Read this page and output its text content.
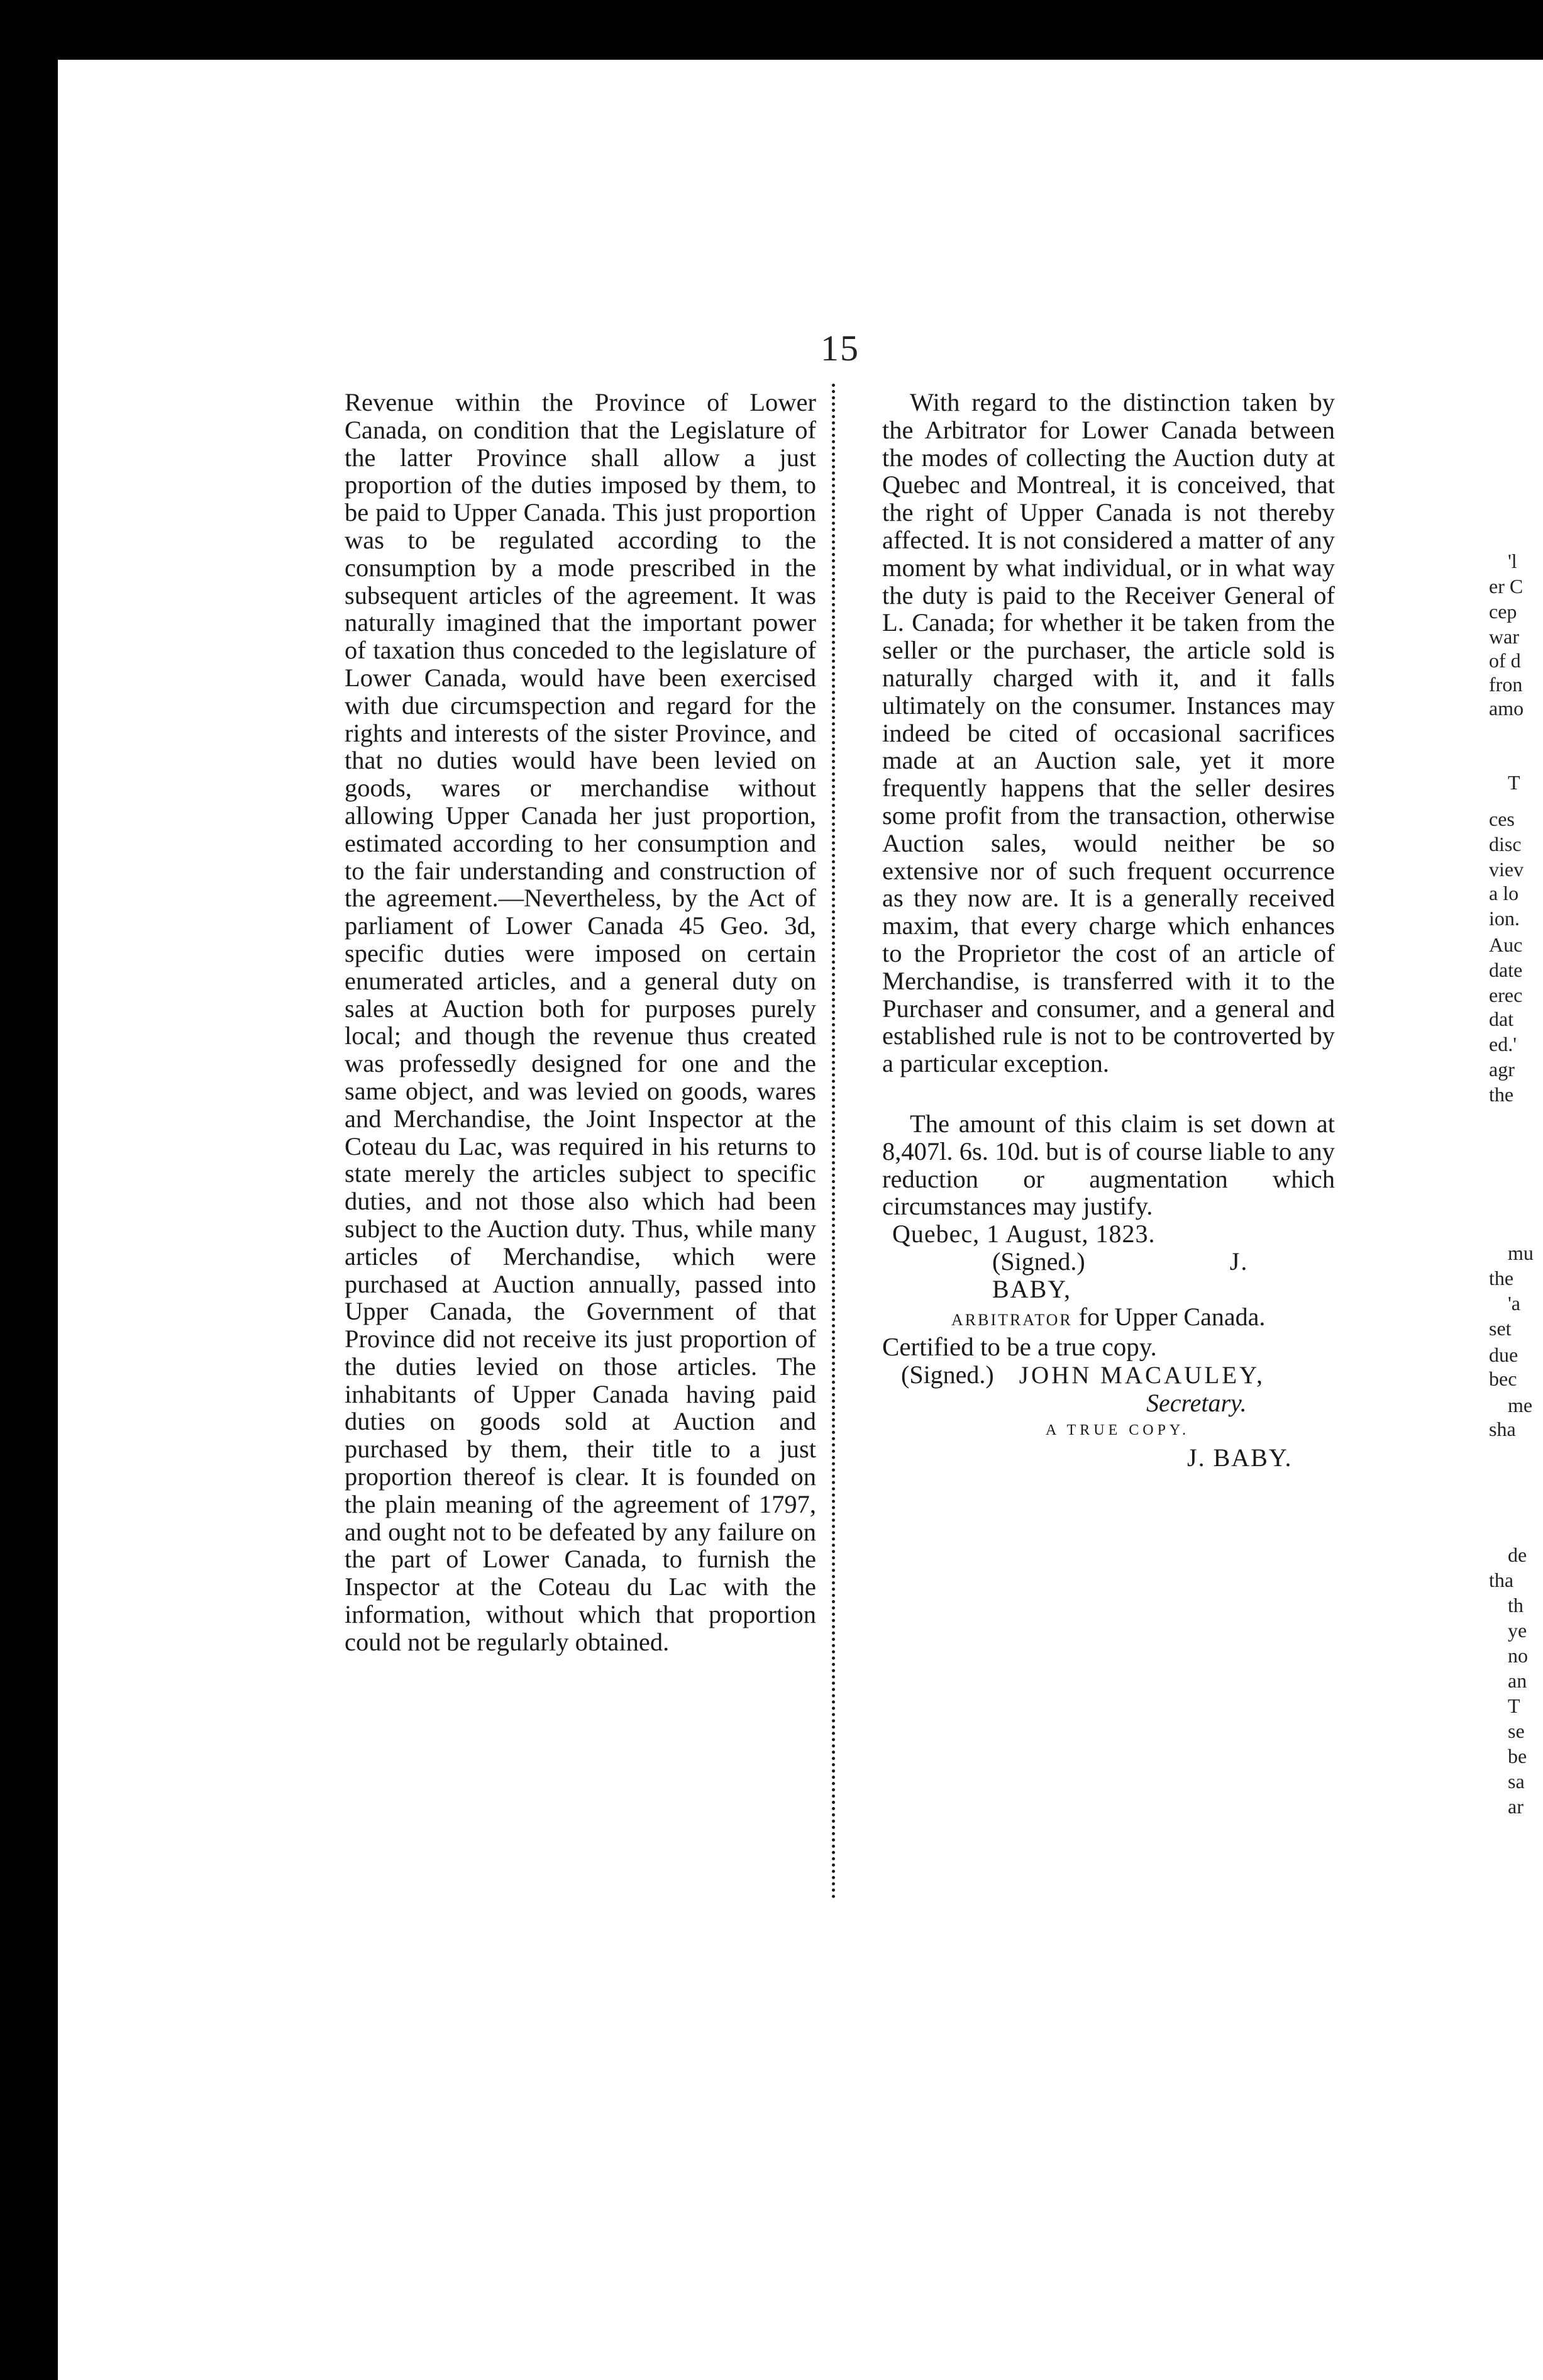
15

Revenue within the Province of Lower Canada, on condition that the Legislature of the latter Province shall allow a just proportion of the duties imposed by them, to be paid to Upper Canada. This just proportion was to be regulated according to the consumption by a mode prescribed in the subsequent articles of the agreement. It was naturally imagined that the important power of taxation thus conceded to the legislature of Lower Canada, would have been exercised with due circumspection and regard for the rights and interests of the sister Province, and that no duties would have been levied on goods, wares or merchandise without allowing Upper Canada her just proportion, estimated according to her consumption and to the fair understanding and construction of the agreement.—Nevertheless, by the Act of parliament of Lower Canada 45 Geo. 3d, specific duties were imposed on certain enumerated articles, and a general duty on sales at Auction both for purposes purely local; and though the revenue thus created was professedly designed for one and the same object, and was levied on goods, wares and Merchandise, the Joint Inspector at the Coteau du Lac, was required in his returns to state merely the articles subject to specific duties, and not those also which had been subject to the Auction duty. Thus, while many articles of Merchandise, which were purchased at Auction annually, passed into Upper Canada, the Government of that Province did not receive its just proportion of the duties levied on those articles. The inhabitants of Upper Canada having paid duties on goods sold at Auction and purchased by them, their title to a just proportion thereof is clear. It is founded on the plain meaning of the agreement of 1797, and ought not to be defeated by any failure on the part of Lower Canada, to furnish the Inspector at the Coteau du Lac with the information, without which that proportion could not be regularly obtained.

With regard to the distinction taken by the Arbitrator for Lower Canada between the modes of collecting the Auction duty at Quebec and Montreal, it is conceived, that the right of Upper Canada is not thereby affected. It is not considered a matter of any moment by what individual, or in what way the duty is paid to the Receiver General of L. Canada; for whether it be taken from the seller or the purchaser, the article sold is naturally charged with it, and it falls ultimately on the consumer. Instances may indeed be cited of occasional sacrifices made at an Auction sale, yet it more frequently happens that the seller desires some profit from the transaction, otherwise Auction sales, would neither be so extensive nor of such frequent occurrence as they now are. It is a generally received maxim, that every charge which enhances to the Proprietor the cost of an article of Merchandise, is transferred with it to the Purchaser and consumer, and a general and established rule is not to be controverted by a particular exception.

The amount of this claim is set down at 8,407l. 6s. 10d. but is of course liable to any reduction or augmentation which circumstances may justify.

Quebec, 1 August, 1823.

(Signed.)	J. BABY,

ARBITRATOR for Upper Canada.

Certified to be a true copy.

(Signed.) JOHN MACAULEY,

Secretary.

A TRUE COPY.

J. BABY.

'l
er C
cep
war
of d
fron
amo
T
ces
disc
viev
a lo
ion.
Auc
date
erec
dat
ed.'
agr
the
mu
the
'a
set
due
bec
me
sha
de
tha
th
ye
no
an
T
se
be
sa
ar
